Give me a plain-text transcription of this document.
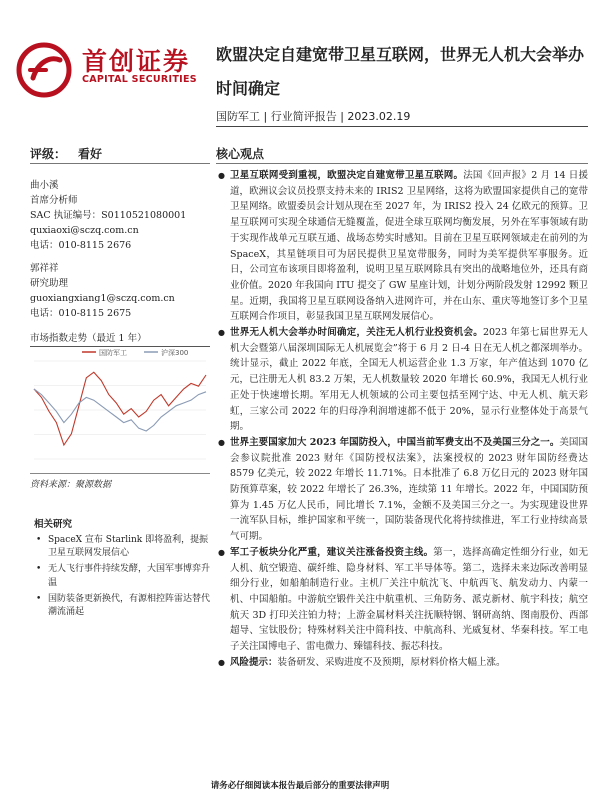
首创证券
CAPITAL SECURITIES
欧盟决定自建宽带卫星互联网，世界无人机大会举办时间确定
国防军工 | 行业简评报告 | 2023.02.19
评级： 看好	核心观点
曲小溪
首席分析师
SAC 执证编号：S0110521080001
quxiaoxi@sczq.com.cn
电话：010-8115 2676
郭祥祥
研究助理
guoxiangxiang1@sczq.com.cn
电话：010-8115 2675
市场指数走势（最近 1 年）
国防军工	沪深300
资料来源：聚源数据
相关研究
• SpaceX 宣布 Starlink 即将盈利，提振卫星互联网发展信心
• 无人飞行事件持续发酵，大国军事博弈升温
• 国防装备更新换代，有源相控阵雷达替代潮流涌起
● 卫星互联网受到重视，欧盟决定自建宽带卫星互联网。法国《回声报》2 月 14 日援道，欧洲议会议员投票支持未来的 IRIS2 卫星网络，这将为欧盟国家提供自己的宽带卫星网络。欧盟委员会计划从现在至 2027 年，为 IRIS2 投入 24 亿欧元的预算。卫星互联网可实现全球通信无缝覆盖，促进全球互联网均衡发展，另外在军事领域有助于实现作战单元互联互通、战场态势实时感知。目前在卫星互联网领域走在前列的为 SpaceX，其星链项目可为居民提供卫星宽带服务，同时为美军提供军事服务。近日，公司宣布该项目即将盈利，说明卫星互联网除具有突出的战略地位外，还具有商业价值。2020 年我国向 ITU 提交了 GW 星座计划，计划分两阶段发射 12992 颗卫星。近期，我国将卫星互联网设备纳入进网许可，并在山东、重庆等地签订多个卫星互联网合作项目，彰显我国卫星互联网发展信心。
● 世界无人机大会举办时间确定，关注无人机行业投资机会。2023 年第七届世界无人机大会暨第八届深圳国际无人机展览会”将于 6 月 2 日-4 日在无人机之都深圳举办。统计显示，截止 2022 年底，全国无人机运营企业 1.3 万家，年产值达到 1070 亿元，已注册无人机 83.2 万架，无人机数量较 2020 年增长 60.9%，我国无人机行业正处于快速增长期。军用无人机领域的公司主要包括至网宁达、中无人机、航天彩虹，三家公司 2022 年的归母净利润增速都不低于 20%，显示行业整体处于高景气期。
● 世界主要国家加大 2023 年国防投入，中国当前军费支出不及美国三分之一。美国国会参议院批准 2023 财年《国防授权法案》，法案授权的 2023 财年国防经费达 8579 亿美元，较 2022 年增长 11.71%。日本批准了 6.8 万亿日元的 2023 财年国防预算草案，较 2022 年增长了 26.3%，连续第 11 年增长。2022 年，中国国防预算为 1.45 万亿人民币，同比增长 7.1%，金额不及美国三分之一。为实现建设世界一流军队目标，维护国家和平统一，国防装备现代化将持续推进，军工行业持续高景气可期。
● 军工子板块分化严重，建议关注涨备投资主线。第一，选择高确定性细分行业，如无人机、航空锻造、碳纤维、隐身材料、军工半导体等。第二，选择未来边际改善明显细分行业，如船舶制造行业。主机厂关注中航沈飞、中航西飞、航发动力、内蒙一机、中国船舶。中游航空锻件关注中航重机、三角防务、派克新材、航宇科技；航空航天 3D 打印关注铂力特；上游金属材料关注抚顺特钢、钢研高纳、图南股份、西部超导、宝钛股份；特殊材料关注中简科技、中航高科、光威复材、华秦科技。军工电子关注国博电子、雷电微力、臻镭科技、振芯科技。
● 风险提示：装备研发、采购进度不及预期，原材料价格大幅上涨。
请务必仔细阅读本报告最后部分的重要法律声明
